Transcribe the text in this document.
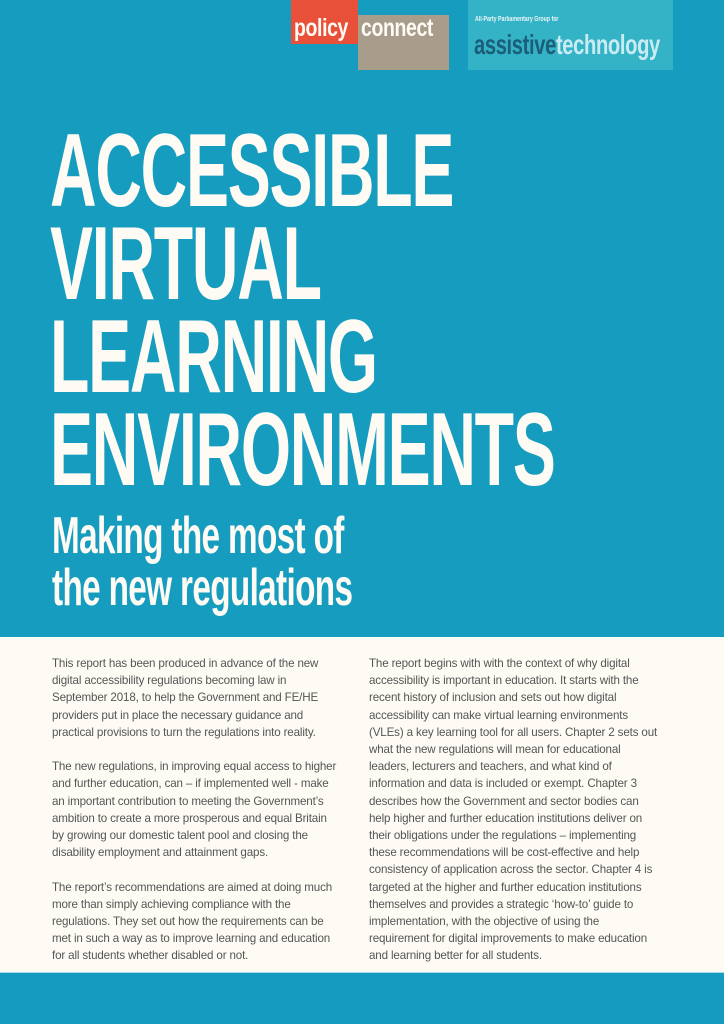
policy connect	All-Party Parliamentary Group for
assistivetechnology
ACCESSIBLE
VIRTUAL
LEARNING
ENVIRONMENTS
Making the most of
the new regulations

This report has been produced in advance of the new
digital accessibility regulations becoming law in
September 2018, to help the Government and FE/HE
providers put in place the necessary guidance and
practical provisions to turn the regulations into reality.

The new regulations, in improving equal access to higher
and further education, can – if implemented well - make
an important contribution to meeting the Government’s
ambition to create a more prosperous and equal Britain
by growing our domestic talent pool and closing the
disability employment and attainment gaps.

The report’s recommendations are aimed at doing much
more than simply achieving compliance with the
regulations. They set out how the requirements can be
met in such a way as to improve learning and education
for all students whether disabled or not.

The report begins with with the context of why digital
accessibility is important in education. It starts with the
recent history of inclusion and sets out how digital
accessibility can make virtual learning environments
(VLEs) a key learning tool for all users. Chapter 2 sets out
what the new regulations will mean for educational
leaders, lecturers and teachers, and what kind of
information and data is included or exempt. Chapter 3
describes how the Government and sector bodies can
help higher and further education institutions deliver on
their obligations under the regulations – implementing
these recommendations will be cost-effective and help
consistency of application across the sector. Chapter 4 is
targeted at the higher and further education institutions
themselves and provides a strategic ‘how-to’ guide to
implementation, with the objective of using the
requirement for digital improvements to make education
and learning better for all students.
